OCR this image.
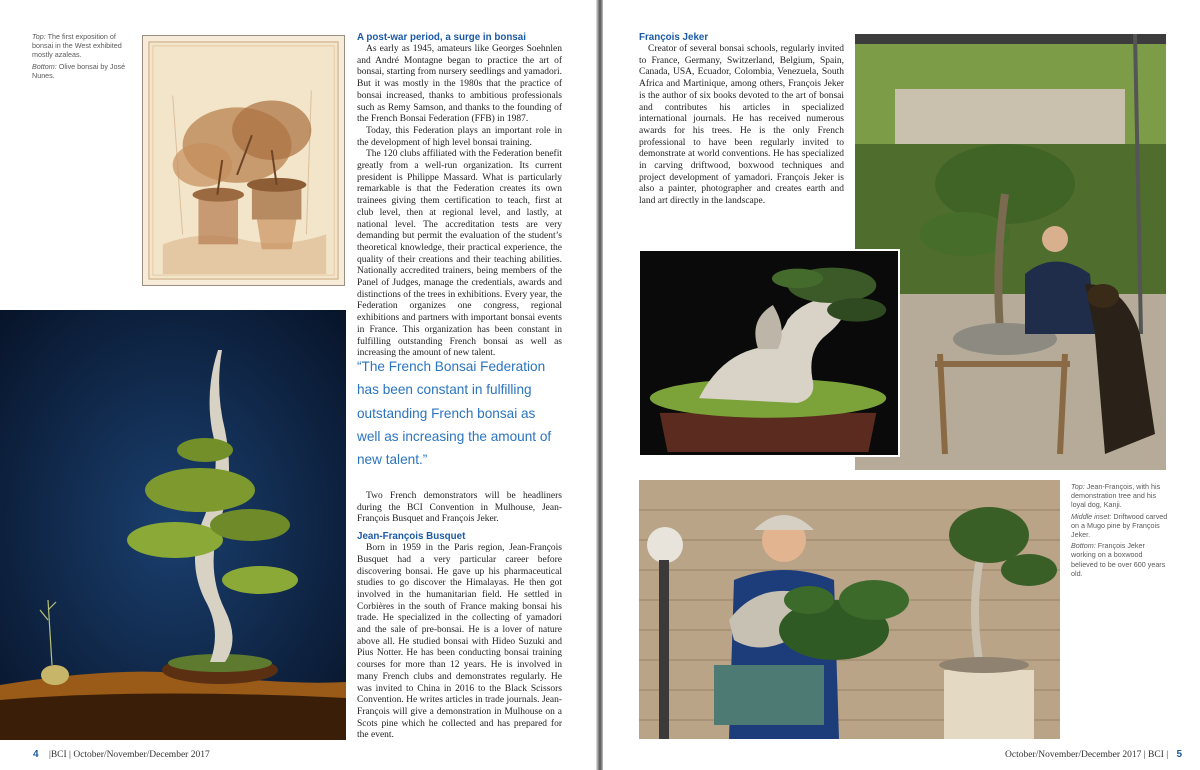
Top: The first exposition of bonsai in the West exhibited mostly azaleas.

Bottom: Olive bonsai by José Nunes.

A post-war period, a surge in bonsai

As early as 1945, amateurs like Georges Soehnlen and André Montagne began to practice the art of bonsai, starting from nursery seedlings and yamadori. But it was mostly in the 1980s that the practice of bonsai increased, thanks to ambitious professionals such as Remy Samson, and thanks to the founding of the French Bonsai Federation (FFB) in 1987.

Today, this Federation plays an important role in the development of high level bonsai training.

The 120 clubs affiliated with the Federation benefit greatly from a well-run organization. Its current president is Philippe Massard. What is particularly remarkable is that the Federation creates its own trainees giving them certification to teach, first at club level, then at regional level, and lastly, at national level. The accreditation tests are very demanding but permit the evaluation of the student’s theoretical knowledge, their practical experience, the quality of their creations and their teaching abilities. Nationally accredited trainers, being members of the Panel of Judges, manage the credentials, awards and distinctions of the trees in exhibitions. Every year, the Federation organizes one congress, regional exhibitions and partners with important bonsai events in France. This organization has been constant in fulfilling outstanding French bonsai as well as increasing the amount of new talent.

“The French Bonsai Federation has been constant in fulfilling outstanding French bonsai as well as increasing the amount of new talent.”

Two French demonstrators will be headliners during the BCI Convention in Mulhouse, Jean-François Busquet and François Jeker.

Jean-François Busquet

Born in 1959 in the Paris region, Jean-François Busquet had a very particular career before discovering bonsai. He gave up his pharmaceutical studies to go discover the Himalayas. He then got involved in the humanitarian field. He settled in Corbières in the south of France making bonsai his trade. He specialized in the collecting of yamadori and the sale of pre-bonsai. He is a lover of nature above all. He studied bonsai with Hideo Suzuki and Pius Notter. He has been conducting bonsai training courses for more than 12 years. He is involved in many French clubs and demonstrates regularly. He was invited to China in 2016 to the Black Scissors Convention. He writes articles in trade journals. Jean-François will give a demonstration in Mulhouse on a Scots pine which he collected and has prepared for the event.

4 |BCI | October/November/December 2017
François Jeker

Creator of several bonsai schools, regularly invited to France, Germany, Switzerland, Belgium, Spain, Canada, USA, Ecuador, Colombia, Venezuela, South Africa and Martinique, among others, François Jeker is the author of six books devoted to the art of bonsai and contributes his articles in specialized international journals. He has received numerous awards for his trees. He is the only French professional to have been regularly invited to demonstrate at world conventions. He has specialized in carving driftwood, boxwood techniques and project development of yamadori. François Jeker is also a painter, photographer and creates earth and land art directly in the landscape.

Top: Jean-François, with his demonstration tree and his loyal dog, Kanji.

Middle inset: Driftwood carved on a Mugo pine by François Jeker.

Bottom: François Jeker working on a boxwood believed to be over 600 years old.

October/November/December 2017 | BCI | 5
